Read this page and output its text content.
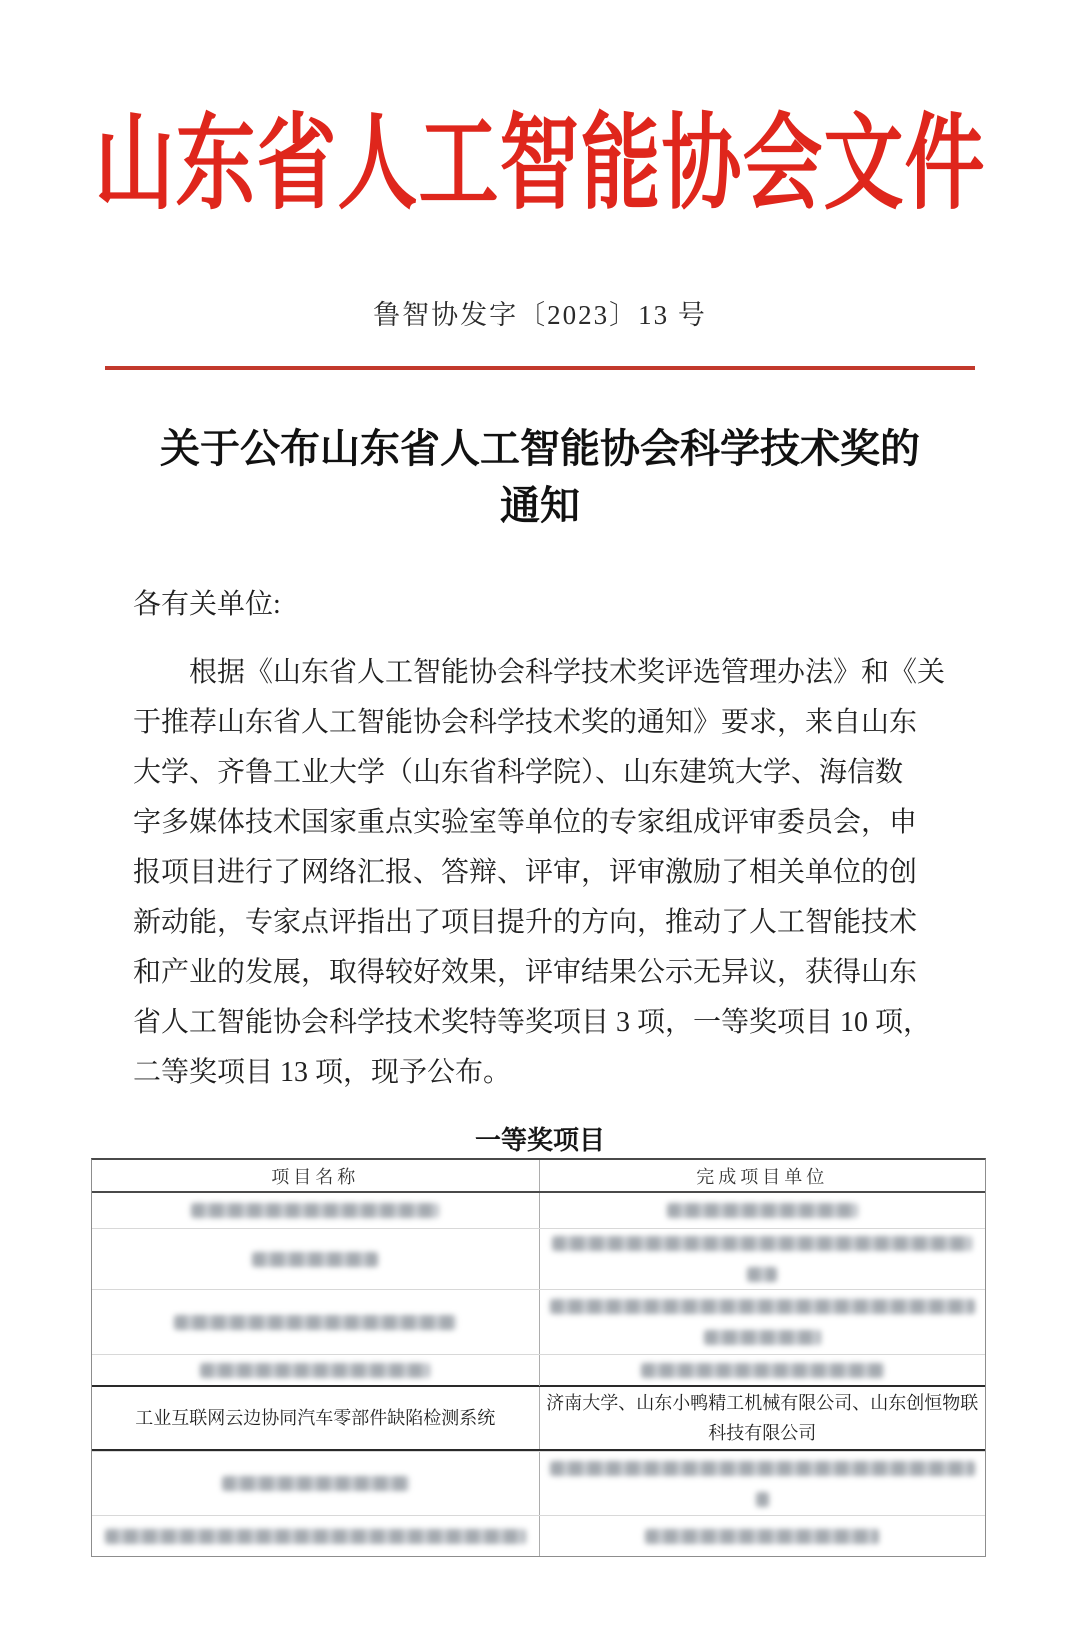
山东省人工智能协会文件
鲁智协发字〔2023〕13 号
关于公布山东省人工智能协会科学技术奖的
通知
各有关单位:
根据《山东省人工智能协会科学技术奖评选管理办法》和《关
于推荐山东省人工智能协会科学技术奖的通知》要求，来自山东
大学、齐鲁工业大学（山东省科学院）、山东建筑大学、海信数
字多媒体技术国家重点实验室等单位的专家组成评审委员会，申
报项目进行了网络汇报、答辩、评审，评审激励了相关单位的创
新动能，专家点评指出了项目提升的方向，推动了人工智能技术
和产业的发展，取得较好效果，评审结果公示无异议，获得山东
省人工智能协会科学技术奖特等奖项目 3 项，一等奖项目 10 项，
二等奖项目 13 项，现予公布。
一等奖项目
项目名称	完成项目单位
工业互联网云边协同汽车零部件缺陷检测系统
济南大学、山东小鸭精工机械有限公司、山东创恒物联科技有限公司
